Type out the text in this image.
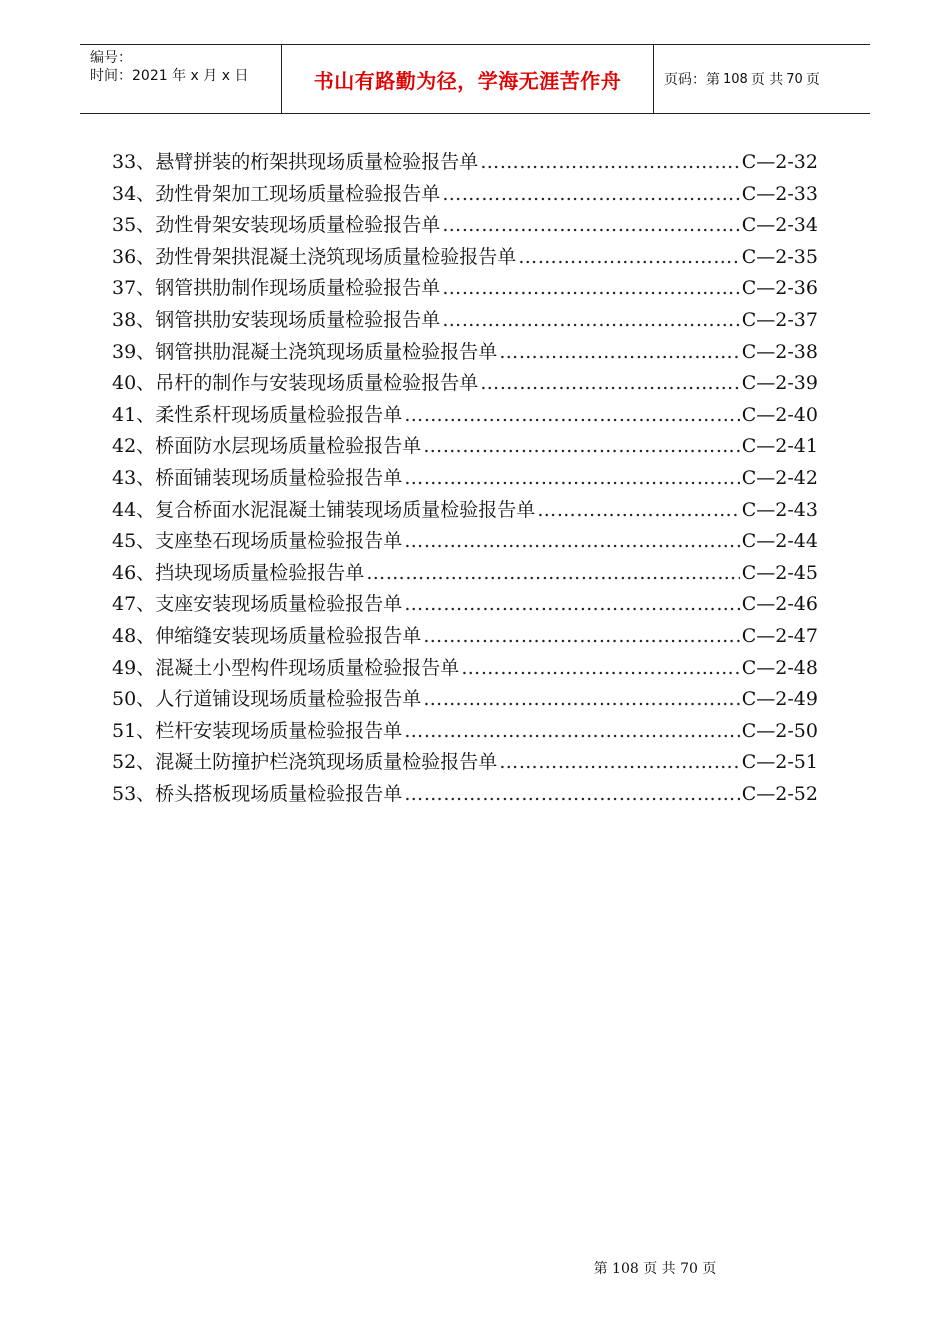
编号：
时间：2021 年 x 月 x 日	书山有路勤为径，学海无涯苦作舟	页码：第 108 页 共 70 页
33、 悬臂拼装的桁架拱现场质量检验报告单 …………………………………………………………………………………………………………………………………	C—2-32
34、 劲性骨架加工现场质量检验报告单 …………………………………………………………………………………………………………………………………	C—2-33
35、 劲性骨架安装现场质量检验报告单 …………………………………………………………………………………………………………………………………	C—2-34
36、 劲性骨架拱混凝土浇筑现场质量检验报告单 …………………………………………………………………………………………………………………………………	C—2-35
37、 钢管拱肋制作现场质量检验报告单 …………………………………………………………………………………………………………………………………	C—2-36
38、 钢管拱肋安装现场质量检验报告单 …………………………………………………………………………………………………………………………………	C—2-37
39、 钢管拱肋混凝土浇筑现场质量检验报告单 …………………………………………………………………………………………………………………………………	C—2-38
40、 吊杆的制作与安装现场质量检验报告单 …………………………………………………………………………………………………………………………………	C—2-39
41、 柔性系杆现场质量检验报告单 …………………………………………………………………………………………………………………………………	C—2-40
42、 桥面防水层现场质量检验报告单 …………………………………………………………………………………………………………………………………	C—2-41
43、 桥面铺装现场质量检验报告单 …………………………………………………………………………………………………………………………………	C—2-42
44、 复合桥面水泥混凝土铺装现场质量检验报告单 …………………………………………………………………………………………………………………………………	C—2-43
45、 支座垫石现场质量检验报告单 …………………………………………………………………………………………………………………………………	C—2-44
46、 挡块现场质量检验报告单 …………………………………………………………………………………………………………………………………	C—2-45
47、 支座安装现场质量检验报告单 …………………………………………………………………………………………………………………………………	C—2-46
48、 伸缩缝安装现场质量检验报告单 …………………………………………………………………………………………………………………………………	C—2-47
49、 混凝土小型构件现场质量检验报告单 …………………………………………………………………………………………………………………………………	C—2-48
50、 人行道铺设现场质量检验报告单 …………………………………………………………………………………………………………………………………	C—2-49
51、 栏杆安装现场质量检验报告单 …………………………………………………………………………………………………………………………………	C—2-50
52、 混凝土防撞护栏浇筑现场质量检验报告单 …………………………………………………………………………………………………………………………………	C—2-51
53、 桥头搭板现场质量检验报告单 …………………………………………………………………………………………………………………………………	C—2-52
第 108 页 共 70 页
